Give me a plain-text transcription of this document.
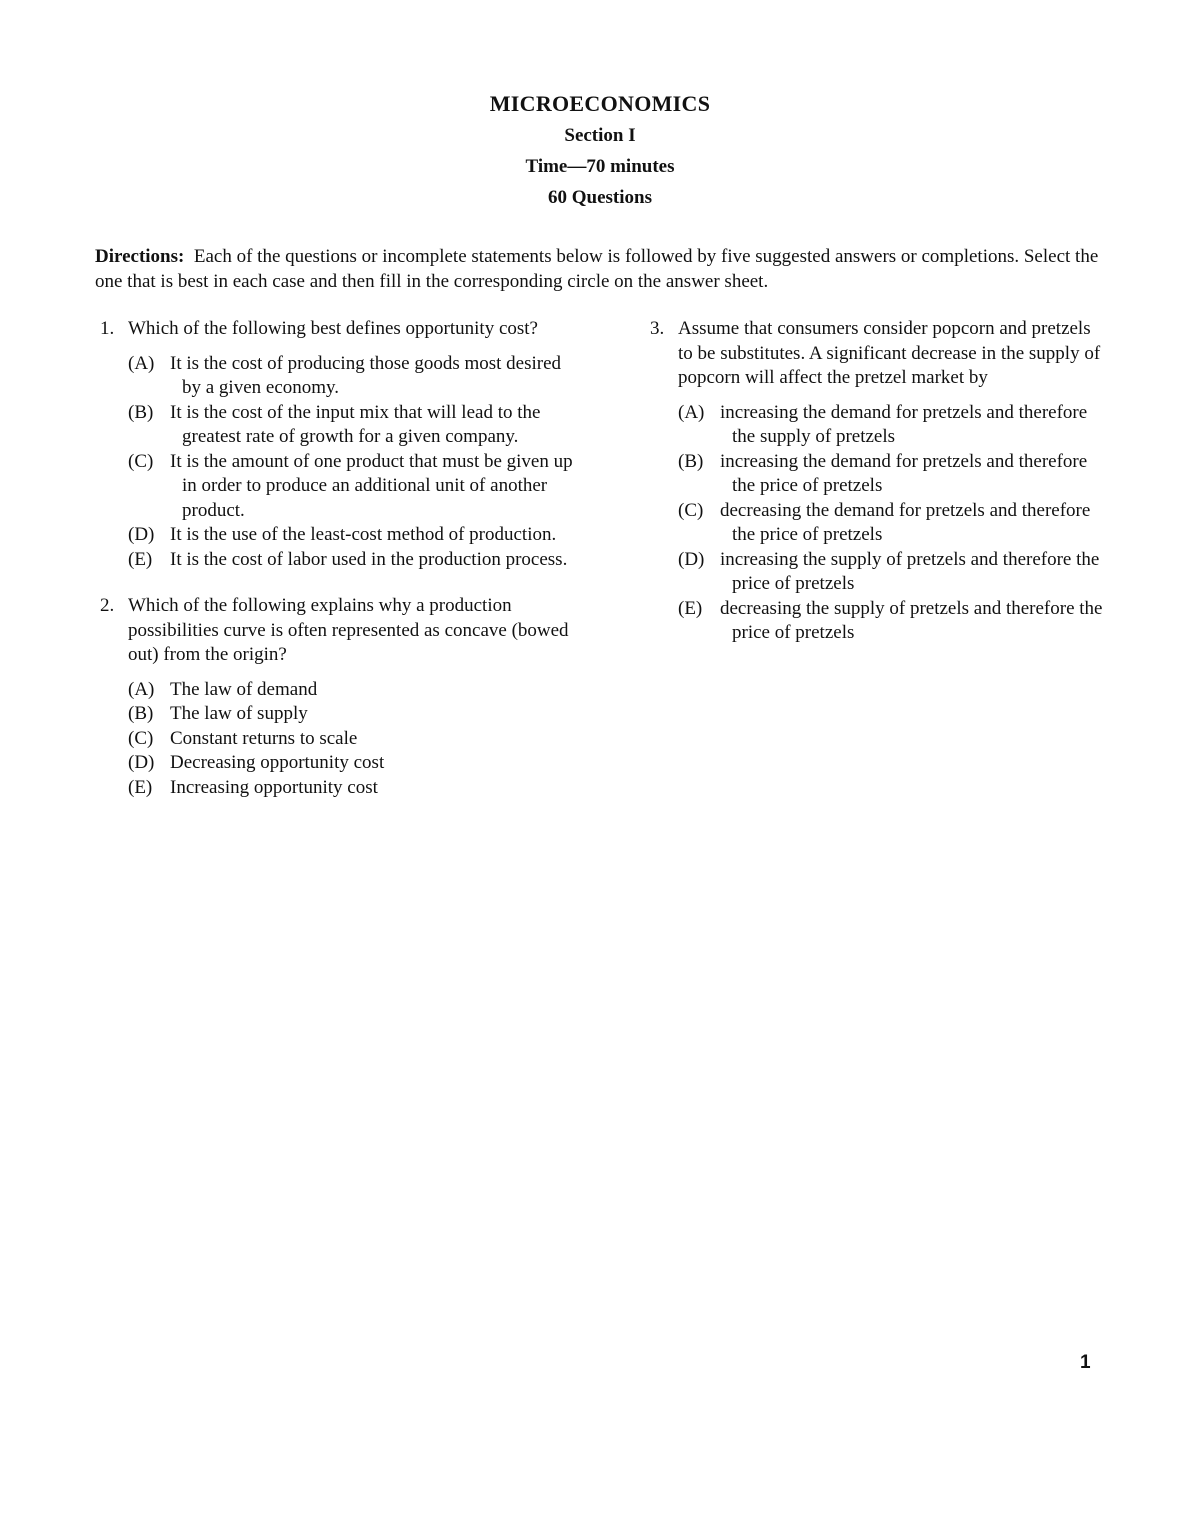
MICROECONOMICS
Section I
Time—70 minutes
60 Questions
Directions: Each of the questions or incomplete statements below is followed by five suggested answers or completions. Select the one that is best in each case and then fill in the corresponding circle on the answer sheet.
1. Which of the following best defines opportunity cost?
(A) It is the cost of producing those goods most desired by a given economy.
(B) It is the cost of the input mix that will lead to the greatest rate of growth for a given company.
(C) It is the amount of one product that must be given up in order to produce an additional unit of another product.
(D) It is the use of the least-cost method of production.
(E) It is the cost of labor used in the production process.
2. Which of the following explains why a production possibilities curve is often represented as concave (bowed out) from the origin?
(A) The law of demand
(B) The law of supply
(C) Constant returns to scale
(D) Decreasing opportunity cost
(E) Increasing opportunity cost
3. Assume that consumers consider popcorn and pretzels to be substitutes. A significant decrease in the supply of popcorn will affect the pretzel market by
(A) increasing the demand for pretzels and therefore the supply of pretzels
(B) increasing the demand for pretzels and therefore the price of pretzels
(C) decreasing the demand for pretzels and therefore the price of pretzels
(D) increasing the supply of pretzels and therefore the price of pretzels
(E) decreasing the supply of pretzels and therefore the price of pretzels
1
